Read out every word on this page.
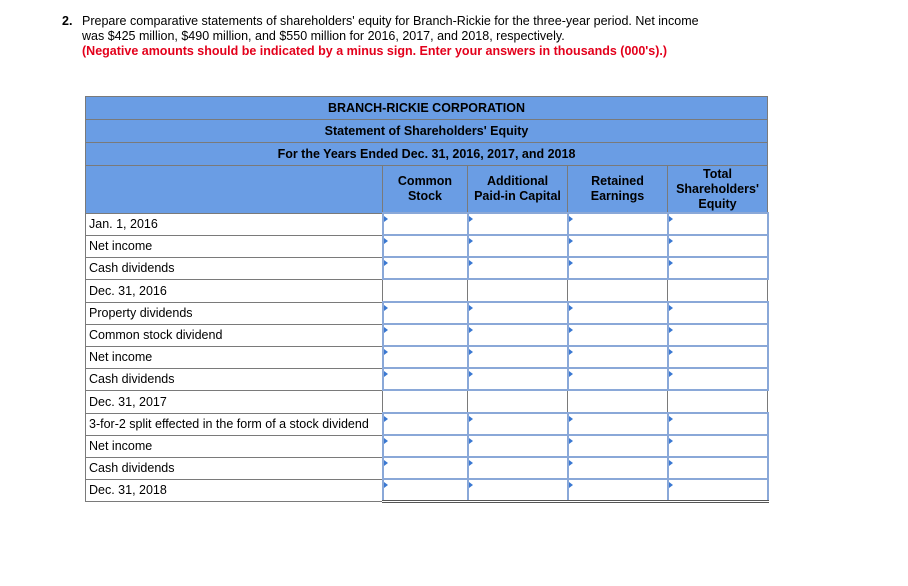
2. Prepare comparative statements of shareholders' equity for Branch-Rickie for the three-year period. Net income was $425 million, $490 million, and $550 million for 2016, 2017, and 2018, respectively.
(Negative amounts should be indicated by a minus sign. Enter your answers in thousands (000's).)
BRANCH-RICKIE CORPORATION				
Statement of Shareholders' Equity				
For the Years Ended Dec. 31, 2016, 2017, and 2018				
	Common
Stock	Additional
Paid-in Capital	Retained
Earnings	Total
Shareholders'
Equity
Jan. 1, 2016				
Net income				
Cash dividends				
Dec. 31, 2016				
Property dividends				
Common stock dividend				
Net income				
Cash dividends				
Dec. 31, 2017				
3-for-2 split effected in the form of a stock dividend				
Net income				
Cash dividends				
Dec. 31, 2018				
